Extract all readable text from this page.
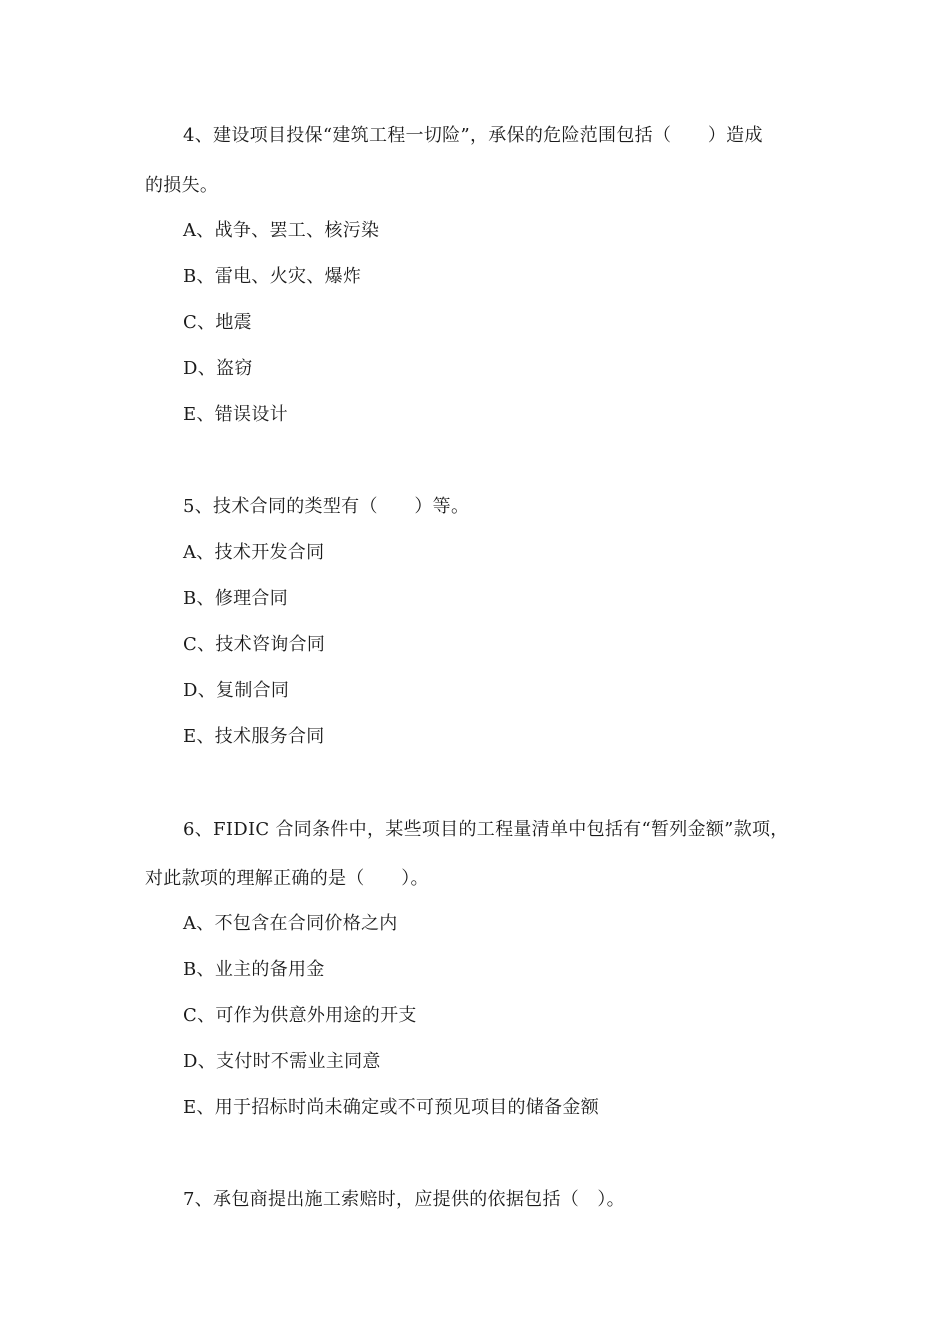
4、建设项目投保“建筑工程一切险”，承保的危险范围包括（　　）造成
的损失。
A、战争、罢工、核污染
B、雷电、火灾、爆炸
C、地震
D、盗窃
E、错误设计
5、技术合同的类型有（　　）等。
A、技术开发合同
B、修理合同
C、技术咨询合同
D、复制合同
E、技术服务合同
6、FIDIC 合同条件中，某些项目的工程量清单中包括有“暂列金额”款项，
对此款项的理解正确的是（　　）。
A、不包含在合同价格之内
B、业主的备用金
C、可作为供意外用途的开支
D、支付时不需业主同意
E、用于招标时尚未确定或不可预见项目的储备金额
7、承包商提出施工索赔时，应提供的依据包括（　）。
